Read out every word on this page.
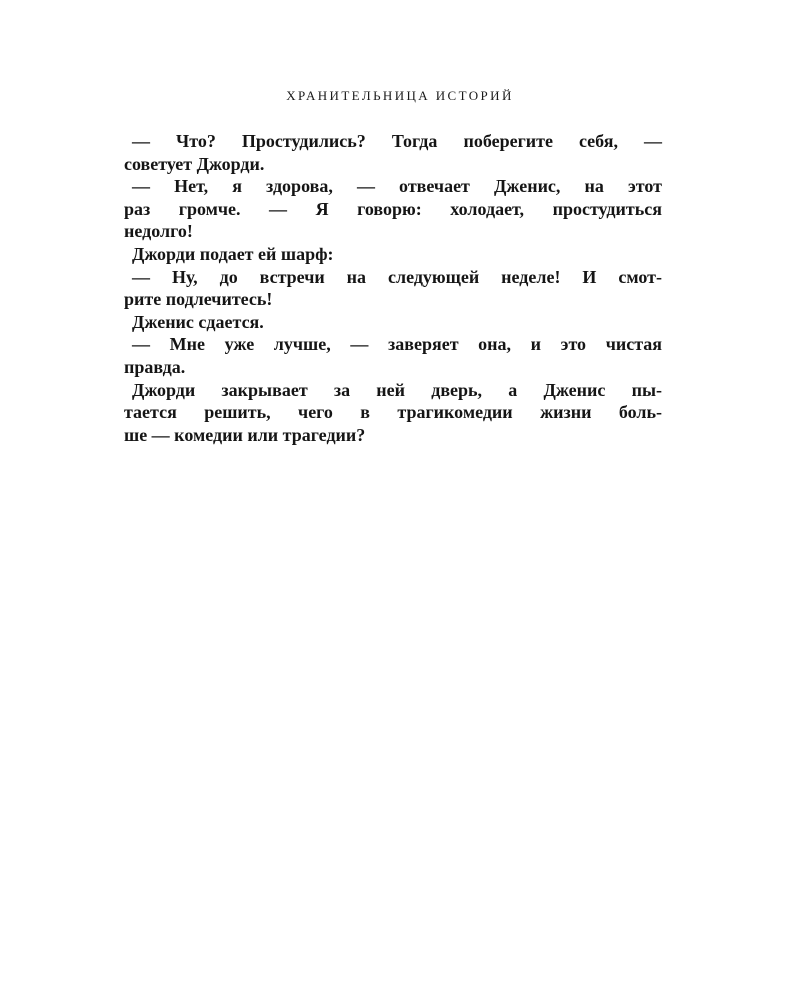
ХРАНИТЕЛЬНИЦА ИСТОРИЙ
— Что? Простудились? Тогда поберегите себя, —
советует Джорди.
— Нет, я здорова, — отвечает Дженис, на этот
раз громче. — Я говорю: холодает, простудиться
недолго!
Джорди подает ей шарф:
— Ну, до встречи на следующей неделе! И смот-
рите подлечитесь!
Дженис сдается.
— Мне уже лучше, — заверяет она, и это чистая
правда.
Джорди закрывает за ней дверь, а Дженис пы-
тается решить, чего в трагикомедии жизни боль-
ше — комедии или трагедии?
